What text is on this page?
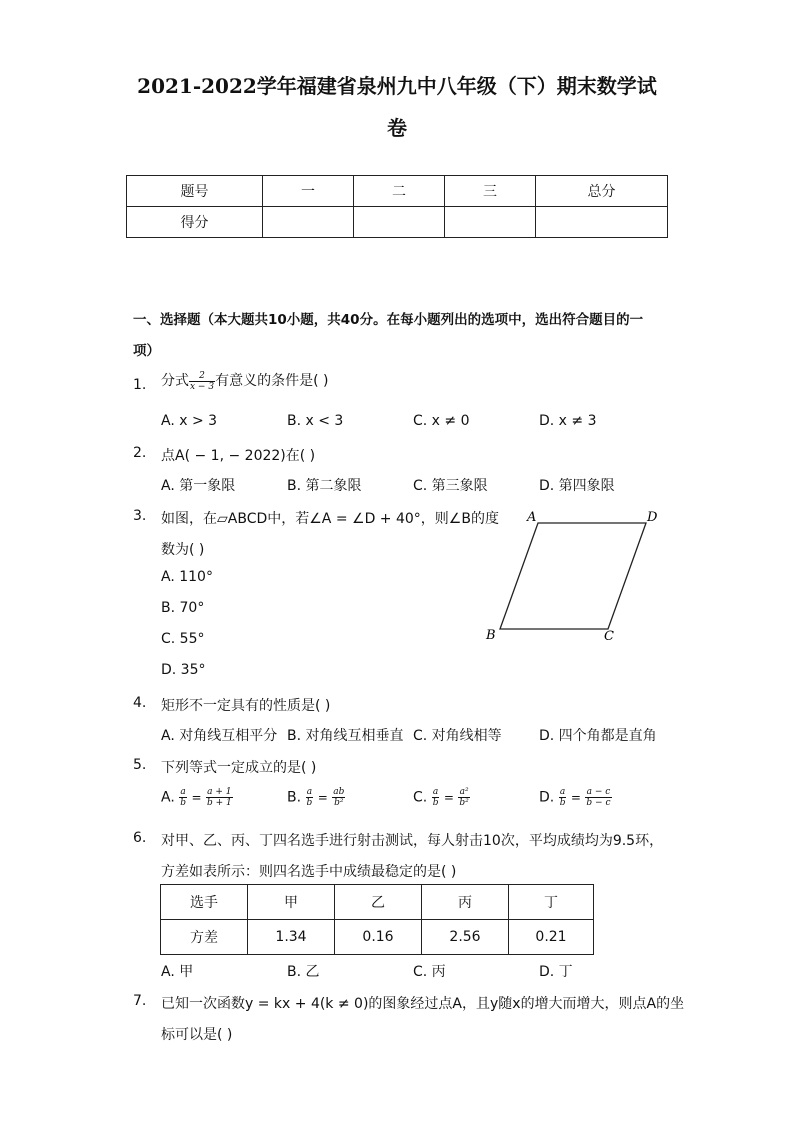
2021-2022学年福建省泉州九中八年级（下）期末数学试
卷
题号	一	二	三	总分
得分				
一、选择题（本大题共10小题，共40分。在每小题列出的选项中，选出符合题目的一
项）
1. 分式 $\frac{2}{x - 3}$ 有意义的条件是( )
A. x > 3	B. x < 3	C. x ≠ 0	D. x ≠ 3
2. 点A( − 1, − 2022)在( )
A. 第一象限	B. 第二象限	C. 第三象限	D. 第四象限
3. 如图，在▱ABCD中，若∠A = ∠D + 40°，则∠B的度
数为( )
A. 110°
B. 70°
C. 55°
D. 35°
A	D
B	C
4. 矩形不一定具有的性质是( )
A. 对角线互相平分 B. 对角线互相垂直 C. 对角线相等	D. 四个角都是直角
5. 下列等式一定成立的是( )
A. $\frac{a}{b} = \frac{a + 1}{b + 1}$	B. $\frac{a}{b} = \frac{ab}{\text{b²}}$	C. $\frac{a}{b} = \frac{\text{a²}}{\text{b²}}$	D. $\frac{a}{b} = \frac{a - c}{b - c}$
6. 对甲、乙、丙、丁四名选手进行射击测试，每人射击10次，平均成绩均为9.5环，
方差如表所示：则四名选手中成绩最稳定的是( )
选手	甲	乙	丙	丁
方差	1.34	0.16	2.56	0.21
A. 甲	B. 乙	C. 丙	D. 丁
7. 已知一次函数y = kx + 4(k ≠ 0)的图象经过点A，且y随x的增大而增大，则点A的坐
标可以是( )
